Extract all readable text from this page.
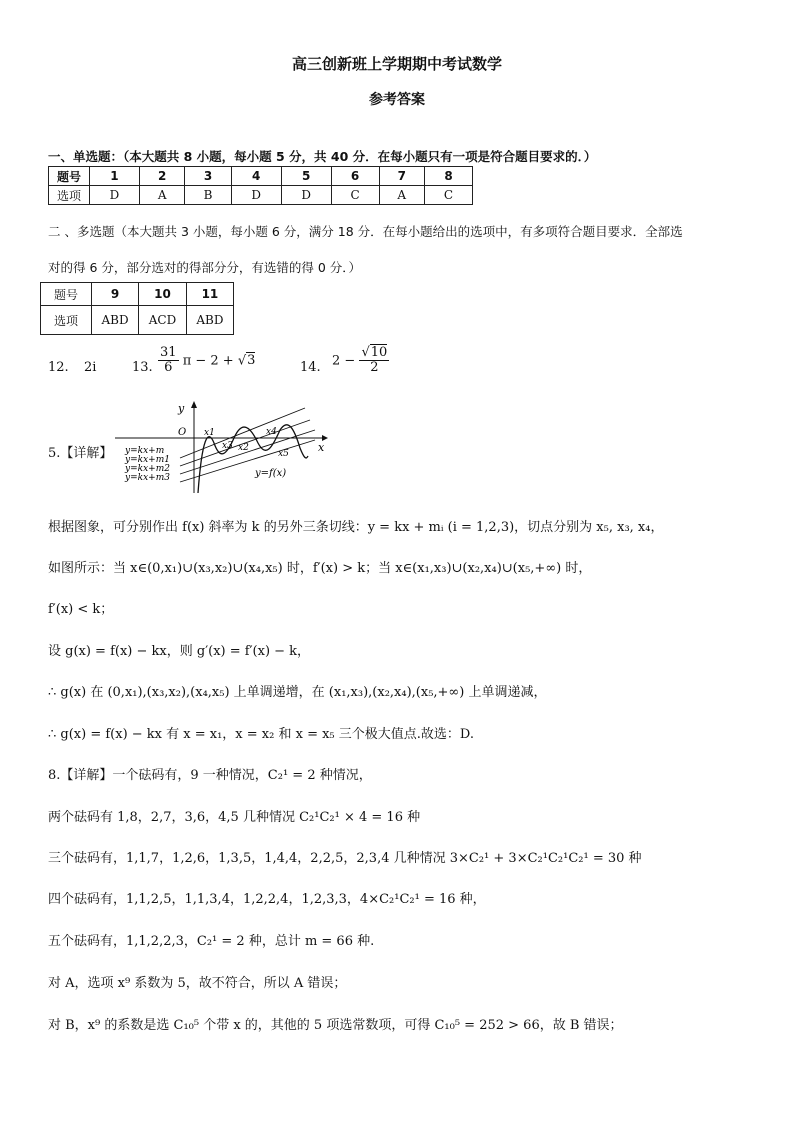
高三创新班上学期期中考试数学
参考答案
一、单选题：（本大题共 8 小题，每小题 5 分，共 40 分．在每小题只有一项是符合题目要求的．）
题号	1	2	3	4	5	6	7	8
选项	D	A	B	D	D	C	A	C
二 、多选题（本大题共 3 小题，每小题 6 分，满分 18 分．在每小题给出的选项中，有多项符合题目要求．全部选
对的得 6 分，部分选对的得部分分，有选错的得 0 分．）
题号	9	10	11
选项	ABD	ACD	ABD
12. 2i	13. $\frac{31}{6}$ π − 2 + √3	14. $2 - \frac{√10}{2}$
5.【详解】
y
x
O x1
x3 x2
x4
x5
y=kx+m
y=kx+m1
y=kx+m2
y=kx+m3	y=f(x)
根据图象，可分别作出 f(x) 斜率为 k 的另外三条切线：y = kx + mᵢ (i = 1,2,3)，切点分别为 x₅, x₃, x₄，
如图所示：当 x∈(0,x₁)∪(x₃,x₂)∪(x₄,x₅) 时，f′(x) > k；当 x∈(x₁,x₃)∪(x₂,x₄)∪(x₅,+∞) 时，
f′(x) < k；
设 g(x) = f(x) − kx，则 g′(x) = f′(x) − k，
∴ g(x) 在 (0,x₁),(x₃,x₂),(x₄,x₅) 上单调递增，在 (x₁,x₃),(x₂,x₄),(x₅,+∞) 上单调递减，
∴ g(x) = f(x) − kx 有 x = x₁，x = x₂ 和 x = x₅ 三个极大值点.故选：D.
8.【详解】一个砝码有，9 一种情况，C₂¹ = 2 种情况，
两个砝码有 1,8，2,7，3,6，4,5 几种情况 C₂¹C₂¹ × 4 = 16 种
三个砝码有，1,1,7，1,2,6，1,3,5，1,4,4，2,2,5，2,3,4 几种情况 3×C₂¹ + 3×C₂¹C₂¹C₂¹ = 30 种
四个砝码有，1,1,2,5，1,1,3,4，1,2,2,4，1,2,3,3，4×C₂¹C₂¹ = 16 种，
五个砝码有，1,1,2,2,3，C₂¹ = 2 种，总计 m = 66 种.
对 A，选项 x⁹ 系数为 5，故不符合，所以 A 错误；
对 B，x⁹ 的系数是选 C₁₀⁵ 个带 x 的，其他的 5 项选常数项，可得 C₁₀⁵ = 252 > 66，故 B 错误；
